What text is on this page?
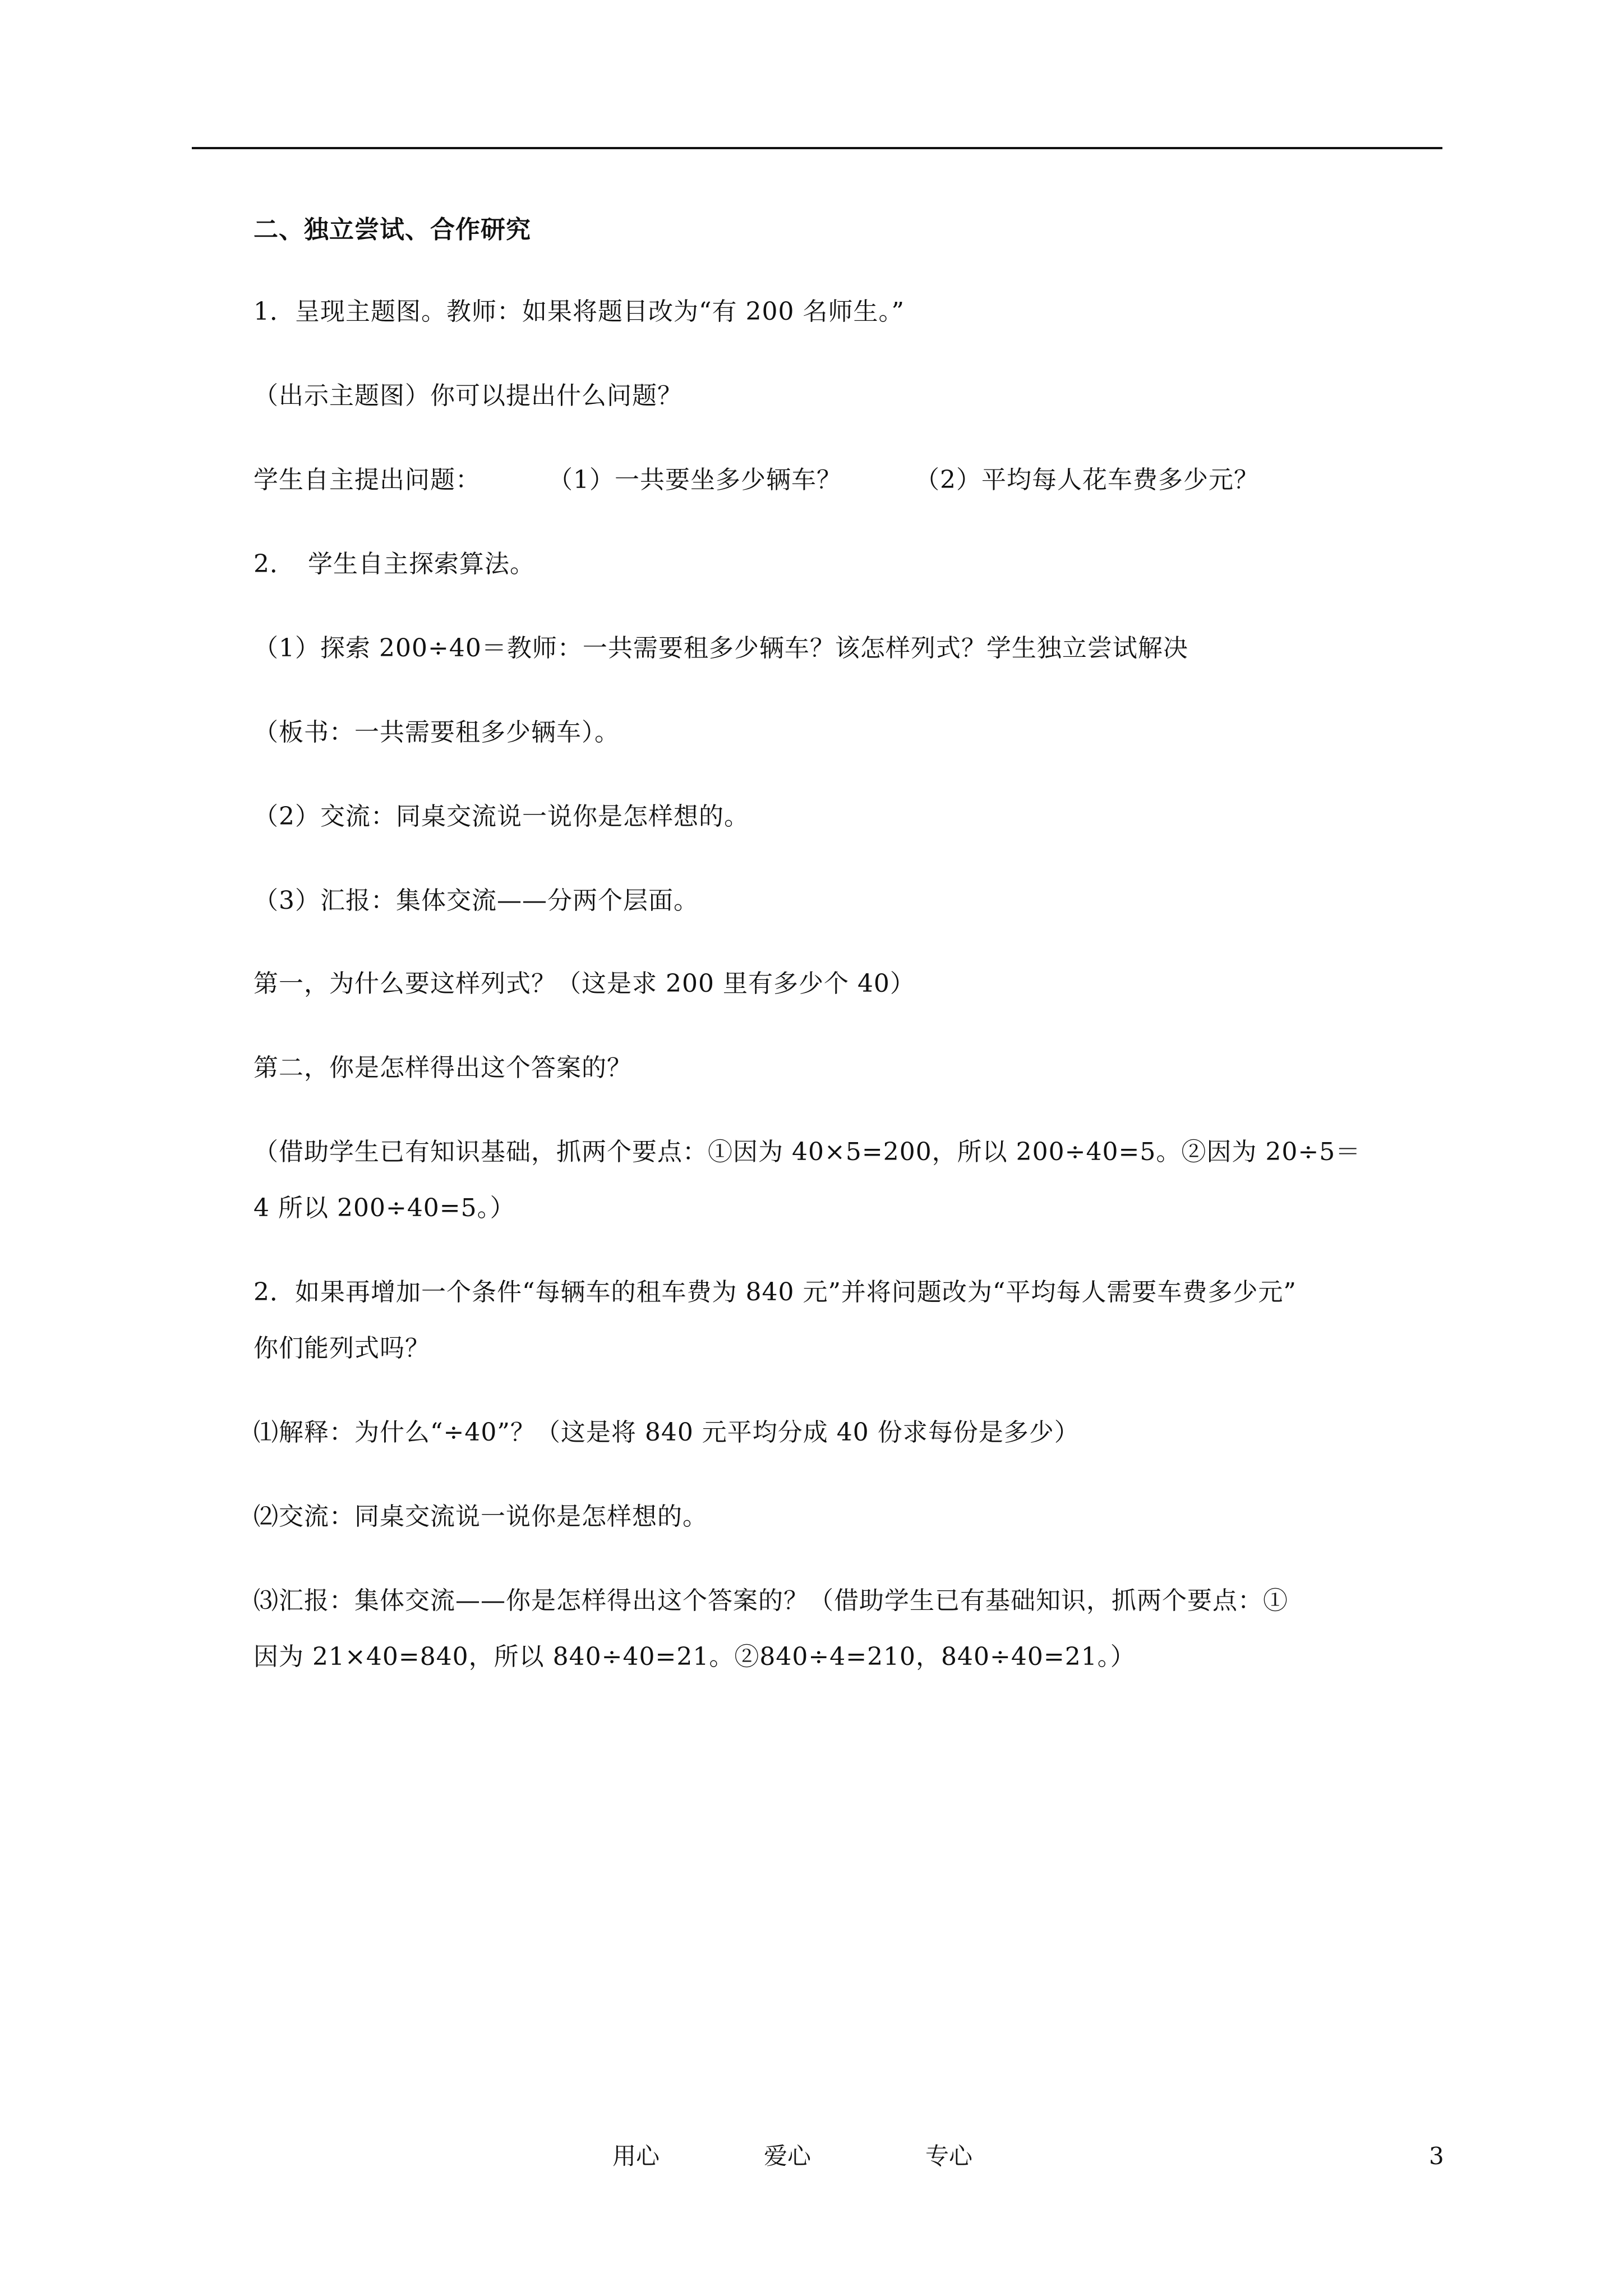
二、独立尝试、合作研究
1．呈现主题图。教师：如果将题目改为“有 200 名师生。”
（出示主题图）你可以提出什么问题？
学生自主提出问题：	（1）一共要坐多少辆车？	（2）平均每人花车费多少元？
2．　学生自主探索算法。
（1）探索 200÷40＝教师：一共需要租多少辆车？该怎样列式？学生独立尝试解决
（板书：一共需要租多少辆车）。
（2）交流：同桌交流说一说你是怎样想的。
（3）汇报：集体交流——分两个层面。
第一，为什么要这样列式？（这是求 200 里有多少个 40）
第二，你是怎样得出这个答案的？
（借助学生已有知识基础，抓两个要点：①因为 40×5=200，所以 200÷40=5。②因为 20÷5＝
4 所以 200÷40=5。）
2．如果再增加一个条件“每辆车的租车费为 840 元”并将问题改为“平均每人需要车费多少元”
你们能列式吗？
⑴解释：为什么“÷40”？（这是将 840 元平均分成 40 份求每份是多少）
⑵交流：同桌交流说一说你是怎样想的。
⑶汇报：集体交流——你是怎样得出这个答案的？（借助学生已有基础知识，抓两个要点：①
因为 21×40=840，所以 840÷40=21。②840÷4=210，840÷40=21。）
用心	爱心	专心	3
